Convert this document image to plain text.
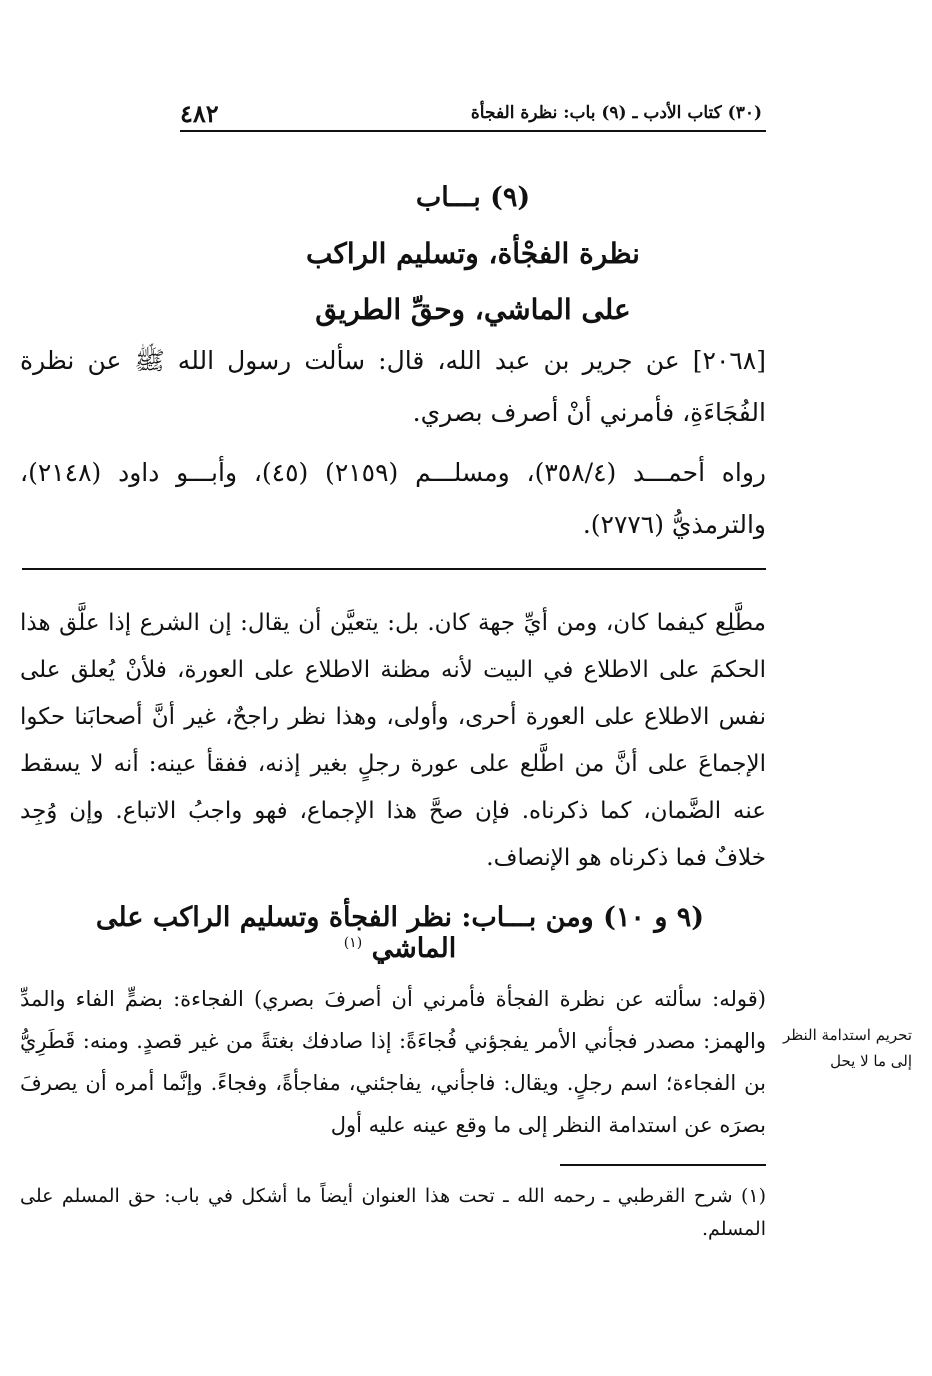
(٣٠) كتاب الأدب ـ (٩) باب: نظرة الفجأة
٤٨٢
(٩) بـــاب
نظرة الفجْأة، وتسليم الراكب
على الماشي، وحقِّ الطريق

[٢٠٦٨] عن جرير بن عبد الله، قال: سألت رسول الله ﷺ عن نظرة الفُجَاءَةِ، فأمرني أنْ أصرف بصري.

رواه أحمـــد (٣٥٨/٤)، ومسلـــم (٢١٥٩) (٤٥)، وأبـــو داود (٢١٤٨)، والترمذيُّ (٢٧٧٦).

مطَّلِع كيفما كان، ومن أيِّ جهة كان. بل: يتعيَّن أن يقال: إن الشرع إذا علَّق هذا الحكمَ على الاطلاع في البيت لأنه مظنة الاطلاع على العورة، فلأنْ يُعلق على نفس الاطلاع على العورة أحرى، وأولى، وهذا نظر راجحٌ، غير أنَّ أصحابَنا حكوا الإجماعَ على أنَّ من اطَّلع على عورة رجلٍ بغير إذنه، ففقأ عينه: أنه لا يسقط عنه الضَّمان، كما ذكرناه. فإن صحَّ هذا الإجماع، فهو واجبُ الاتباع. وإن وُجِد خلافٌ فما ذكرناه هو الإنصاف.

(٩ و ١٠) ومن بـــاب: نظر الفجأة وتسليم الراكب على الماشي $^{(١)}$

(قوله: سألته عن نظرة الفجأة فأمرني أن أصرفَ بصري) الفجاءة: بضمٍّ الفاء والمدِّ والهمز: مصدر فجأني الأمر يفجؤني فُجاءَةً: إذا صادفك بغتةً من غير قصدٍ. ومنه: قَطَرِيُّ بن الفجاءة؛ اسم رجلٍ. ويقال: فاجأني، يفاجئني، مفاجأةً، وفجاءً. وإنَّما أمره أن يصرفَ بصرَه عن استدامة النظر إلى ما وقع عينه عليه أول

تحريم استدامة النظر إلى ما لا يحل

(١) شرح القرطبي ـ رحمه الله ـ تحت هذا العنوان أيضاً ما أشكل في باب: حق المسلم على المسلم.
